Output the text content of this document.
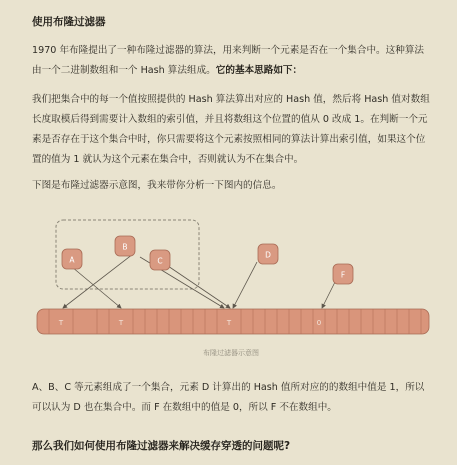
使用布隆过滤器
1970 年布隆提出了一种布隆过滤器的算法，用来判断一个元素是否在一个集合中。这种算法由一个二进制数组和一个 Hash 算法组成。它的基本思路如下：
我们把集合中的每一个值按照提供的 Hash 算法算出对应的 Hash 值，然后将 Hash 值对数组长度取模后得到需要计入数组的索引值，并且将数组这个位置的值从 0 改成 1。在判断一个元素是否存在于这个集合中时，你只需要将这个元素按照相同的算法计算出索引值，如果这个位置的值为 1 就认为这个元素在集合中，否则就认为不在集合中。
下图是布隆过滤器示意图，我来带你分析一下图内的信息。
A
B
C
D
F
T	T	T	0
布隆过滤器示意图
A、B、C 等元素组成了一个集合，元素 D 计算出的 Hash 值所对应的的数组中值是 1，所以可以认为 D 也在集合中。而 F 在数组中的值是 0，所以 F 不在数组中。
那么我们如何使用布隆过滤器来解决缓存穿透的问题呢?
